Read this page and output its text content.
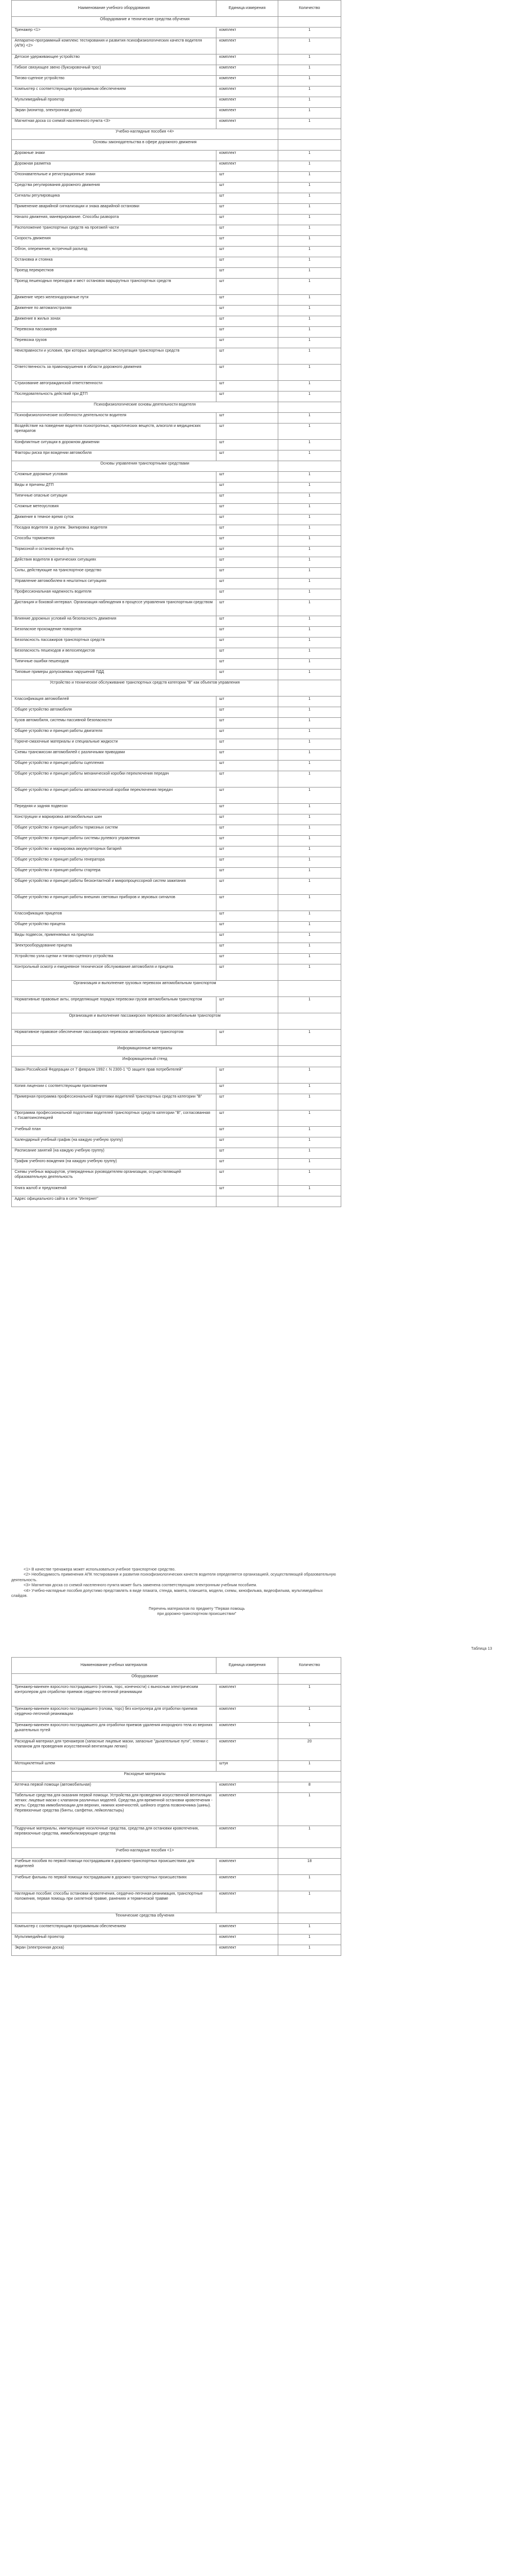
Наименование учебного оборудования	Единица измерения	Количество
Оборудование и технические средства обучения		
Тренажер <1>	комплект	1
Аппаратно-программный комплекс тестирования и развития психофизиологических качеств водителя (АПК) <2>	комплект	1
Детское удерживающее устройство	комплект	1
Гибкое связующее звено (буксировочный трос)	комплект	1
Тягово-сцепное устройство	комплект	1
Компьютер с соответствующим программным обеспечением	комплект	1
Мультимедийный проектор	комплект	1
Экран (монитор, электронная доска)	комплект	1
Магнитная доска со схемой населенного пункта <3>	комплект	1
Учебно-наглядные пособия <4>		
Основы законодательства в сфере дорожного движения		
Дорожные знаки	комплект	1
Дорожная разметка	комплект	1
Опознавательные и регистрационные знаки	шт	1
Средства регулирования дорожного движения	шт	1
Сигналы регулировщика	шт	1
Применение аварийной сигнализации и знака аварийной остановки	шт	1
Начало движения, маневрирование. Способы разворота	шт	1
Расположение транспортных средств на проезжей части	шт	1
Скорость движения	шт	1
Обгон, опережение, встречный разъезд	шт	1
Остановка и стоянка	шт	1
Проезд перекрестков	шт	1
Проезд пешеходных переходов и мест остановок маршрутных транспортных средств	шт	1
Движение через железнодорожные пути	шт	1
Движение по автомагистралям	шт	1
Движение в жилых зонах	шт	1
Перевозка пассажиров	шт	1
Перевозка грузов	шт	1
Неисправности и условия, при которых запрещается эксплуатация транспортных средств	шт	1
Ответственность за правонарушения в области дорожного движения	шт	1
Страхование автогражданской ответственности	шт	1
Последовательность действий при ДТП	шт	1
Психофизиологические основы деятельности водителя		
Психофизиологические особенности деятельности водителя	шт	1
Воздействие на поведение водителя психотропных, наркотических веществ, алкоголя и медицинских препаратов	шт	1
Конфликтные ситуации в дорожном движении	шт	1
Факторы риска при вождении автомобиля	шт	1
Основы управления транспортными средствами		
Сложные дорожные условия	шт	1
Виды и причины ДТП	шт	1
Типичные опасные ситуации	шт	1
Сложные метеоусловия	шт	1
Движение в темное время суток	шт	1
Посадка водителя за рулем. Экипировка водителя	шт	1
Способы торможения	шт	1
Тормозной и остановочный путь	шт	1
Действия водителя в критических ситуациях	шт	1
Силы, действующие на транспортное средство	шт	1
Управление автомобилем в нештатных ситуациях	шт	1
Профессиональная надежность водителя	шт	1
Дистанция и боковой интервал. Организация наблюдения в процессе управления транспортным средством	шт	1
Влияние дорожных условий на безопасность движения	шт	1
Безопасное прохождение поворотов	шт	1
Безопасность пассажиров транспортных средств	шт	1
Безопасность пешеходов и велосипедистов	шт	1
Типичные ошибки пешеходов	шт	1
Типовые примеры допускаемых нарушений ПДД	шт	1
Устройство и техническое обслуживание транспортных средств категории "В" как объектов управления		
Классификация автомобилей	шт	1
Общее устройство автомобиля	шт	1
Кузов автомобиля, системы пассивной безопасности	шт	1
Общее устройство и принцип работы двигателя	шт	1
Горюче-смазочные материалы и специальные жидкости	шт	1
Схемы трансмиссии автомобилей с различными приводами	шт	1
Общее устройство и принцип работы сцепления	шт	1
Общее устройство и принцип работы механической коробки переключения передач	шт	1
Общее устройство и принцип работы автоматической коробки переключения передач	шт	1
Передняя и задняя подвески	шт	1
Конструкции и маркировка автомобильных шин	шт	1
Общее устройство и принцип работы тормозных систем	шт	1
Общее устройство и принцип работы системы рулевого управления	шт	1
Общее устройство и маркировка аккумуляторных батарей	шт	1
Общее устройство и принцип работы генератора	шт	1
Общее устройство и принцип работы стартера	шт	1
Общее устройство и принцип работы бесконтактной и микропроцессорной систем зажигания	шт	1
Общее устройство и принцип работы внешних световых приборов и звуковых сигналов	шт	1
Классификация прицепов	шт	1
Общее устройство прицепа	шт	1
Виды подвесок, применяемых на прицепах	шт	1
Электрооборудование прицепа	шт	1
Устройство узла сцепки и тягово-сцепного устройства	шт	1
Контрольный осмотр и ежедневное техническое обслуживание автомобиля и прицепа	шт	1
Организация и выполнение грузовых перевозок автомобильным транспортом		
Нормативные правовые акты, определяющие порядок перевозки грузов автомобильным транспортом	шт	1
Организация и выполнение пассажирских перевозок автомобильным транспортом		
Нормативное правовое обеспечение пассажирских перевозок автомобильным транспортом	шт	1
Информационные материалы		
Информационный стенд		
Закон Российской Федерации от 7 февраля 1992 г. N 2300-1 "О защите прав потребителей"	шт	1
Копия лицензии с соответствующим приложением	шт	1
Примерная программа профессиональной подготовки водителей транспортных средств категории "В"	шт	1
Программа профессиональной подготовки водителей транспортных средств категории "В", согласованная с Госавтоинспекцией	шт	1
Учебный план	шт	1
Календарный учебный график (на каждую учебную группу)	шт	1
Расписание занятий (на каждую учебную группу)	шт	1
График учебного вождения (на каждую учебную группу)	шт	1
Схемы учебных маршрутов, утвержденных руководителем организации, осуществляющей образовательную деятельность	шт	1
Книга жалоб и предложений	шт	1
Адрес официального сайта в сети "Интернет"		

<1> В качестве тренажера может использоваться учебное транспортное средство.

<2> Необходимость применения АПК тестирования и развития психофизиологических качеств водителя определяется организацией, осуществляющей образовательную деятельность.

<3> Магнитная доска со схемой населенного пункта может быть заменена соответствующим электронным учебным пособием.

<4> Учебно-наглядные пособия допустимо представлять в виде плаката, стенда, макета, планшета, модели, схемы, кинофильма, видеофильма, мультимедийных слайдов.

Перечень материалов по предмету "Первая помощь
при дорожно-транспортном происшествии"
Таблица 13
Наименование учебных материалов	Единица измерения	Количество
Оборудование		
Тренажер-манекен взрослого пострадавшего (голова, торс, конечности) с выносным электрическим контролером для отработки приемов сердечно-легочной реанимации	комплект	1
Тренажер-манекен взрослого пострадавшего (голова, торс) без контролера для отработки приемов сердечно-легочной реанимации	комплект	1
Тренажер-манекен взрослого пострадавшего для отработки приемов удаления инородного тела из верхних дыхательных путей	комплект	1
Расходный материал для тренажеров (запасные лицевые маски, запасные "дыхательные пути", пленки с клапаном для проведения искусственной вентиляции легких)	комплект	20
Мотоциклетный шлем	штук	1
Расходные материалы		
Аптечка первой помощи (автомобильная)	комплект	8
Табельные средства для оказания первой помощи. Устройства для проведения искусственной вентиляции легких: лицевые маски с клапаном различных моделей. Средства для временной остановки кровотечения - жгуты. Средства иммобилизации для верхних, нижних конечностей, шейного отдела позвоночника (шины). Перевязочные средства (бинты, салфетки, лейкопластырь)	комплект	1
Подручные материалы, имитирующие носилочные средства, средства для остановки кровотечения, перевязочные средства, иммобилизирующие средства	комплект	1
Учебно-наглядные пособия <1>		
Учебные пособия по первой помощи пострадавшим в дорожно-транспортных происшествиях для водителей	комплект	18
Учебные фильмы по первой помощи пострадавшим в дорожно-транспортных происшествиях	комплект	1
Наглядные пособия: способы остановки кровотечения, сердечно-легочная реанимация, транспортные положения, первая помощь при скелетной травме, ранениях и термической травме	комплект	1
Технические средства обучения		
Компьютер с соответствующим программным обеспечением	комплект	1
Мультимедийный проектор	комплект	1
Экран (электронная доска)	комплект	1
